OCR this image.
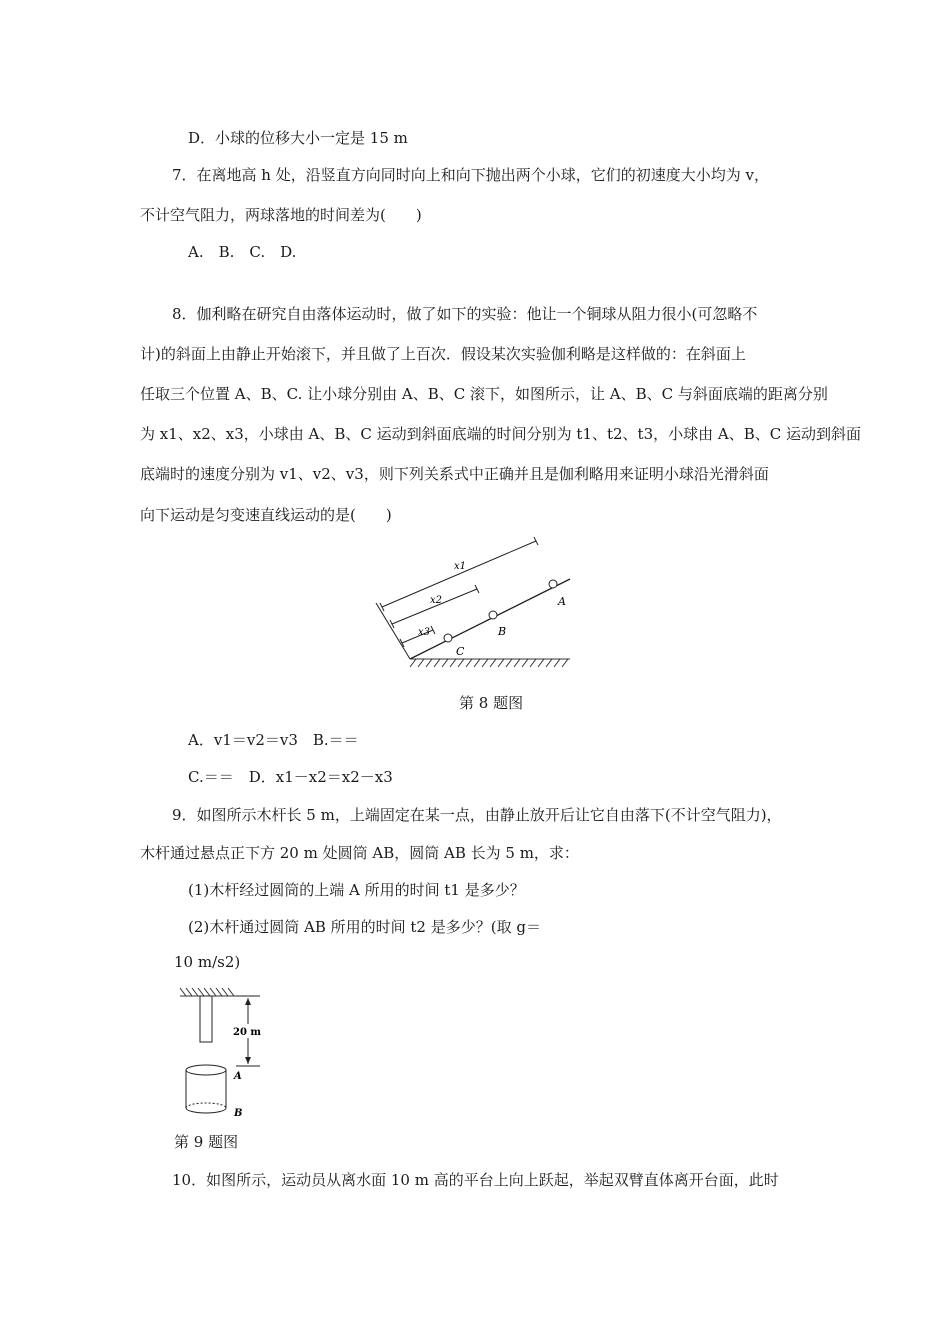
D．小球的位移大小一定是 15 m
7．在离地高 h 处，沿竖直方向同时向上和向下抛出两个小球，它们的初速度大小均为 v，
不计空气阻力，两球落地的时间差为(　　)
A.　B.　C.　D.
8．伽利略在研究自由落体运动时，做了如下的实验：他让一个铜球从阻力很小(可忽略不
计)的斜面上由静止开始滚下，并且做了上百次．假设某次实验伽利略是这样做的：在斜面上
任取三个位置 A、B、C. 让小球分别由 A、B、C 滚下，如图所示，让 A、B、C 与斜面底端的距离分别
为 x1、x2、x3，小球由 A、B、C 运动到斜面底端的时间分别为 t1、t2、t3，小球由 A、B、C 运动到斜面
底端时的速度分别为 v1、v2、v3，则下列关系式中正确并且是伽利略用来证明小球沿光滑斜面
向下运动是匀变速直线运动的是(　　)
x1
x2
x3
A
B
C
第 8 题图
A．v1＝v2＝v3　B.＝＝
C.＝＝　D．x1－x2＝x2－x3
9．如图所示木杆长 5 m，上端固定在某一点，由静止放开后让它自由落下(不计空气阻力)，
木杆通过悬点正下方 20 m 处圆筒 AB，圆筒 AB 长为 5 m，求：
(1)木杆经过圆筒的上端 A 所用的时间 t1 是多少？
(2)木杆通过圆筒 AB 所用的时间 t2 是多少？(取 g＝
10 m/s2)
20 m
A
B
第 9 题图
10．如图所示，运动员从离水面 10 m 高的平台上向上跃起，举起双臂直体离开台面，此时
